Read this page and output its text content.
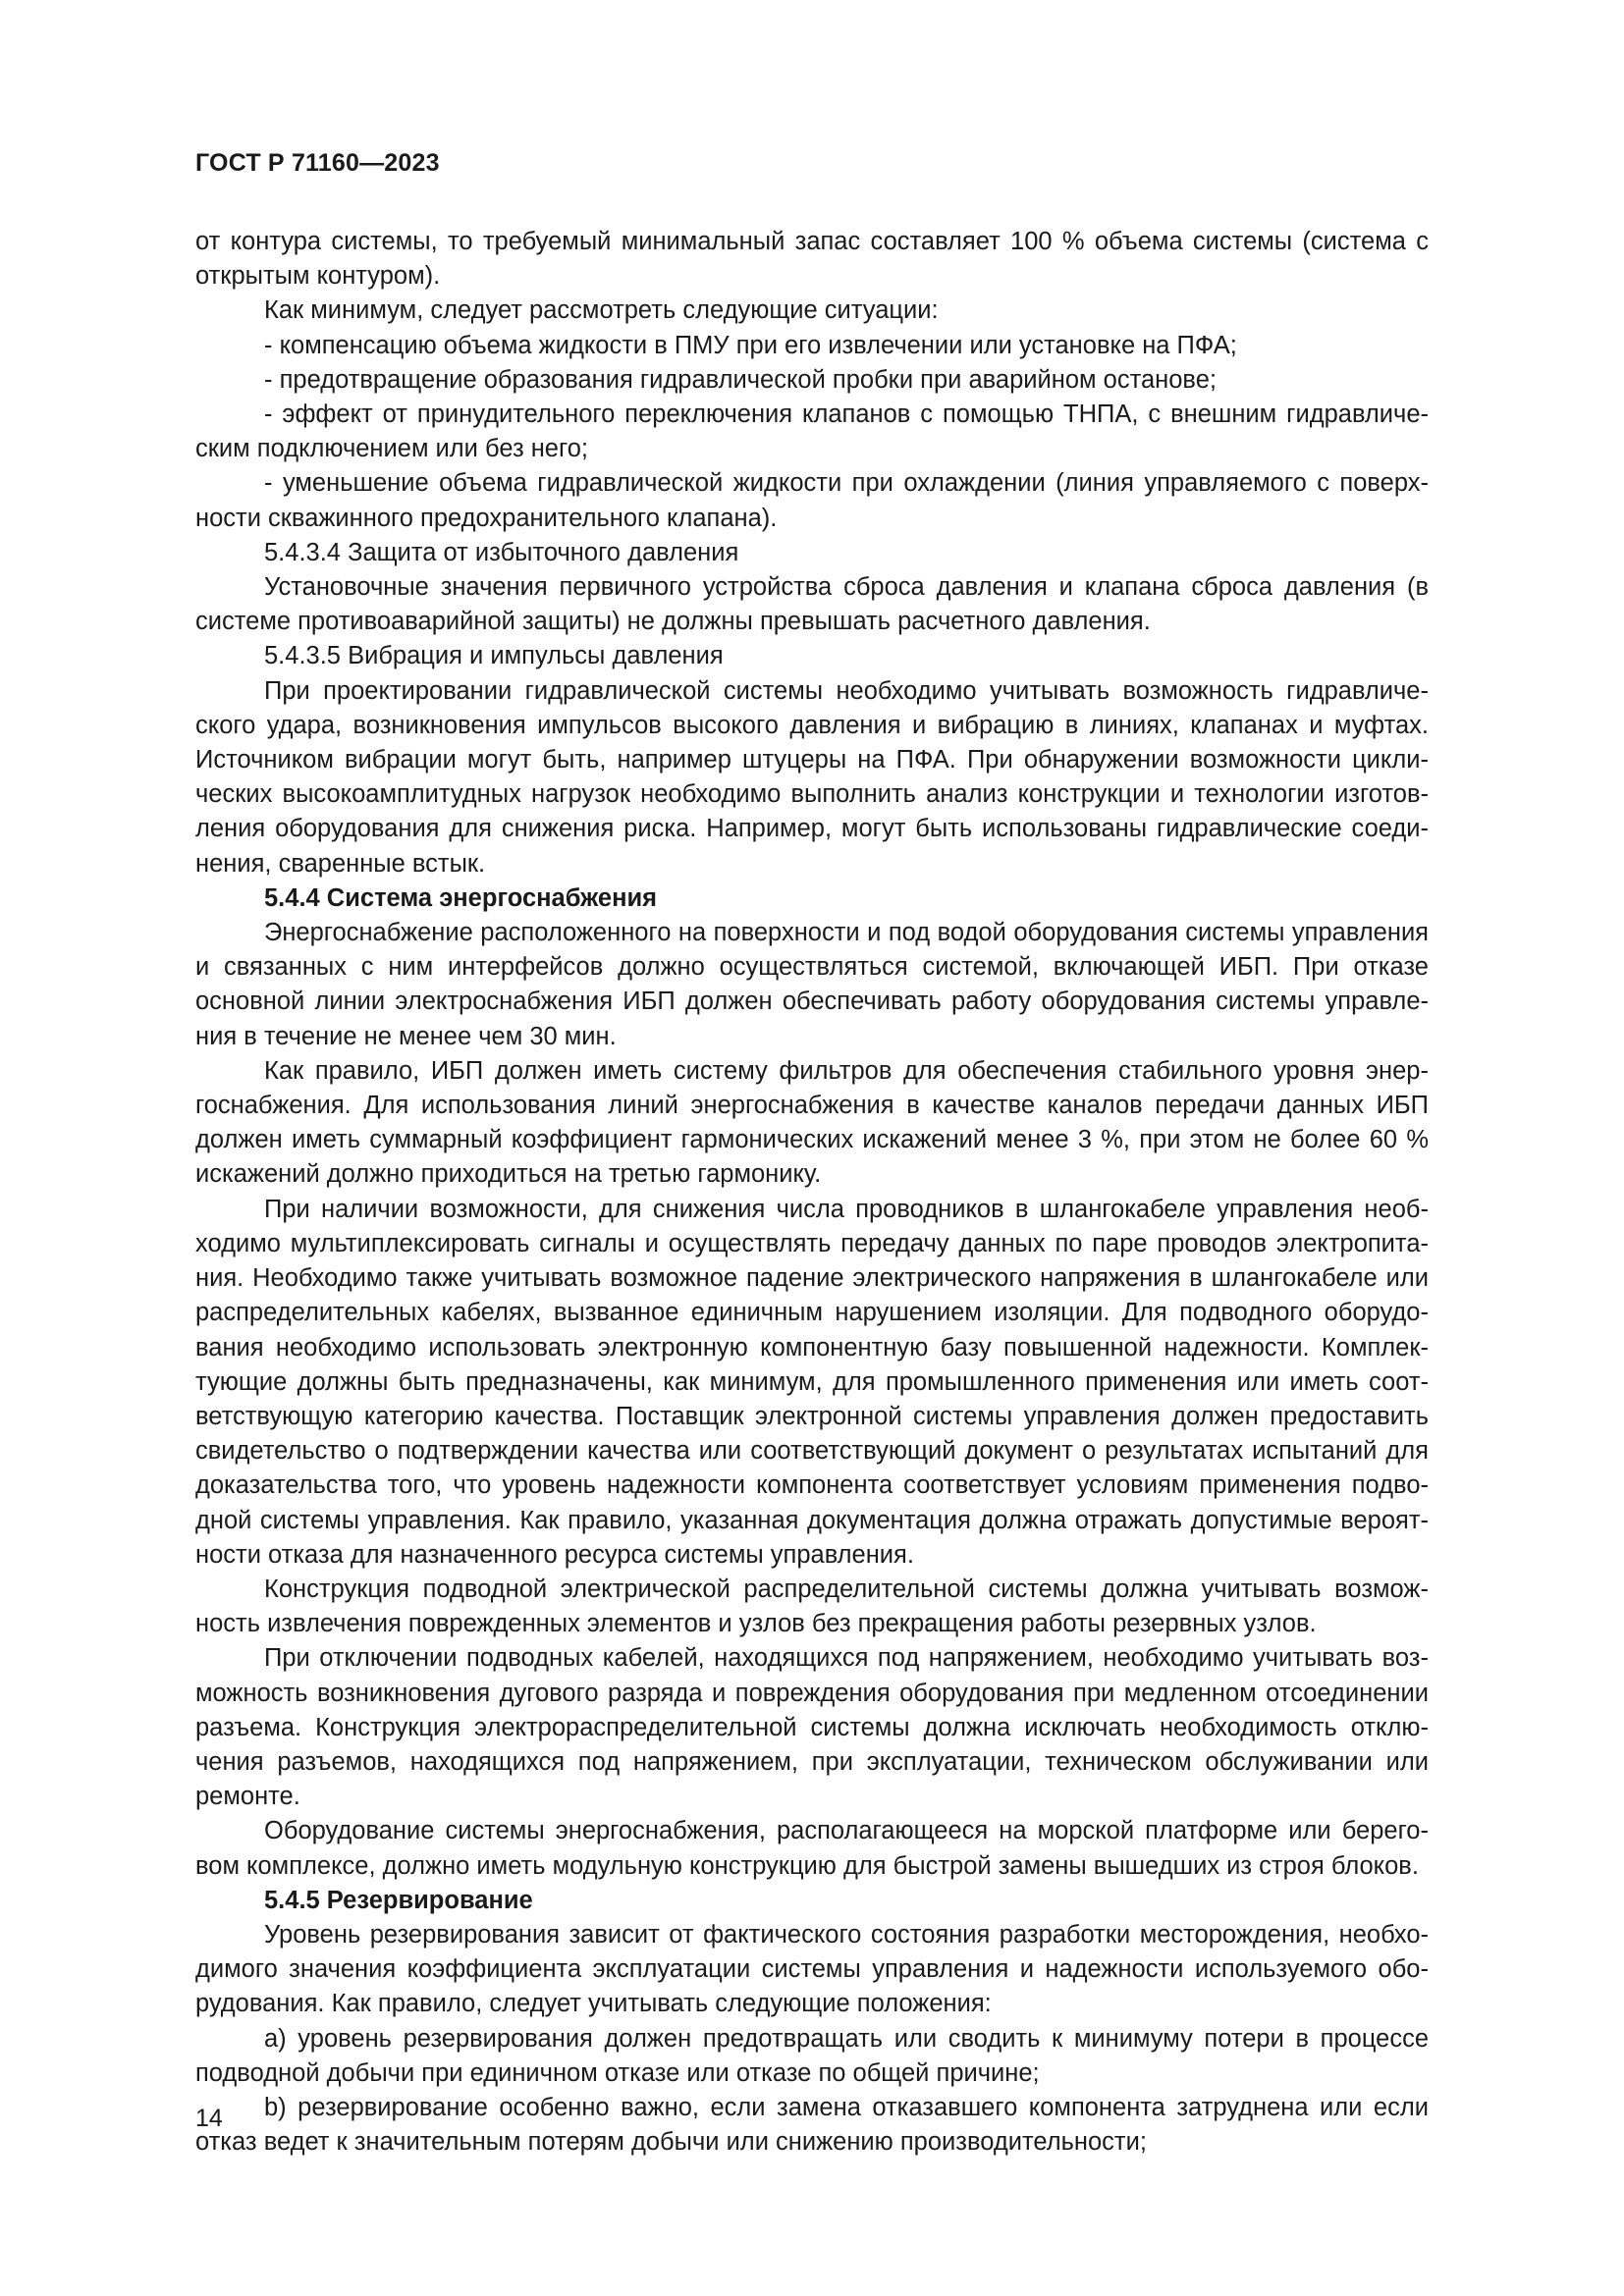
ГОСТ Р 71160—2023

от контура системы, то требуемый минимальный запас составляет 100 % объема системы (система с открытым контуром).

Как минимум, следует рассмотреть следующие ситуации:

- компенсацию объема жидкости в ПМУ при его извлечении или установке на ПФА;

- предотвращение образования гидравлической пробки при аварийном останове;

- эффект от принудительного переключения клапанов с помощью ТНПА, с внешним гидравлическим подключением или без него;

- уменьшение объема гидравлической жидкости при охлаждении (линия управляемого с поверхности скважинного предохранительного клапана).

5.4.3.4 Защита от избыточного давления

Установочные значения первичного устройства сброса давления и клапана сброса давления (в системе противоаварийной защиты) не должны превышать расчетного давления.

5.4.3.5 Вибрация и импульсы давления

При проектировании гидравлической системы необходимо учитывать возможность гидравлического удара, возникновения импульсов высокого давления и вибрацию в линиях, клапанах и муфтах. Источником вибрации могут быть, например штуцеры на ПФА. При обнаружении возможности циклических высокоамплитудных нагрузок необходимо выполнить анализ конструкции и технологии изготовления оборудования для снижения риска. Например, могут быть использованы гидравлические соединения, сваренные встык.

5.4.4 Система энергоснабжения

Энергоснабжение расположенного на поверхности и под водой оборудования системы управления и связанных с ним интерфейсов должно осуществляться системой, включающей ИБП. При отказе основной линии электроснабжения ИБП должен обеспечивать работу оборудования системы управления в течение не менее чем 30 мин.

Как правило, ИБП должен иметь систему фильтров для обеспечения стабильного уровня энергоснабжения. Для использования линий энергоснабжения в качестве каналов передачи данных ИБП должен иметь суммарный коэффициент гармонических искажений менее 3 %, при этом не более 60 % искажений должно приходиться на третью гармонику.

При наличии возможности, для снижения числа проводников в шлангокабеле управления необходимо мультиплексировать сигналы и осуществлять передачу данных по паре проводов электропитания. Необходимо также учитывать возможное падение электрического напряжения в шлангокабеле или распределительных кабелях, вызванное единичным нарушением изоляции. Для подводного оборудования необходимо использовать электронную компонентную базу повышенной надежности. Комплектующие должны быть предназначены, как минимум, для промышленного применения или иметь соответствующую категорию качества. Поставщик электронной системы управления должен предоставить свидетельство о подтверждении качества или соответствующий документ о результатах испытаний для доказательства того, что уровень надежности компонента соответствует условиям применения подводной системы управления. Как правило, указанная документация должна отражать допустимые вероятности отказа для назначенного ресурса системы управления.

Конструкция подводной электрической распределительной системы должна учитывать возможность извлечения поврежденных элементов и узлов без прекращения работы резервных узлов.

При отключении подводных кабелей, находящихся под напряжением, необходимо учитывать возможность возникновения дугового разряда и повреждения оборудования при медленном отсоединении разъема. Конструкция электрораспределительной системы должна исключать необходимость отключения разъемов, находящихся под напряжением, при эксплуатации, техническом обслуживании или ремонте.

Оборудование системы энергоснабжения, располагающееся на морской платформе или береговом комплексе, должно иметь модульную конструкцию для быстрой замены вышедших из строя блоков.

5.4.5 Резервирование

Уровень резервирования зависит от фактического состояния разработки месторождения, необходимого значения коэффициента эксплуатации системы управления и надежности используемого оборудования. Как правило, следует учитывать следующие положения:

a) уровень резервирования должен предотвращать или сводить к минимуму потери в процессе подводной добычи при единичном отказе или отказе по общей причине;

b) резервирование особенно важно, если замена отказавшего компонента затруднена или если отказ ведет к значительным потерям добычи или снижению производительности;

14
